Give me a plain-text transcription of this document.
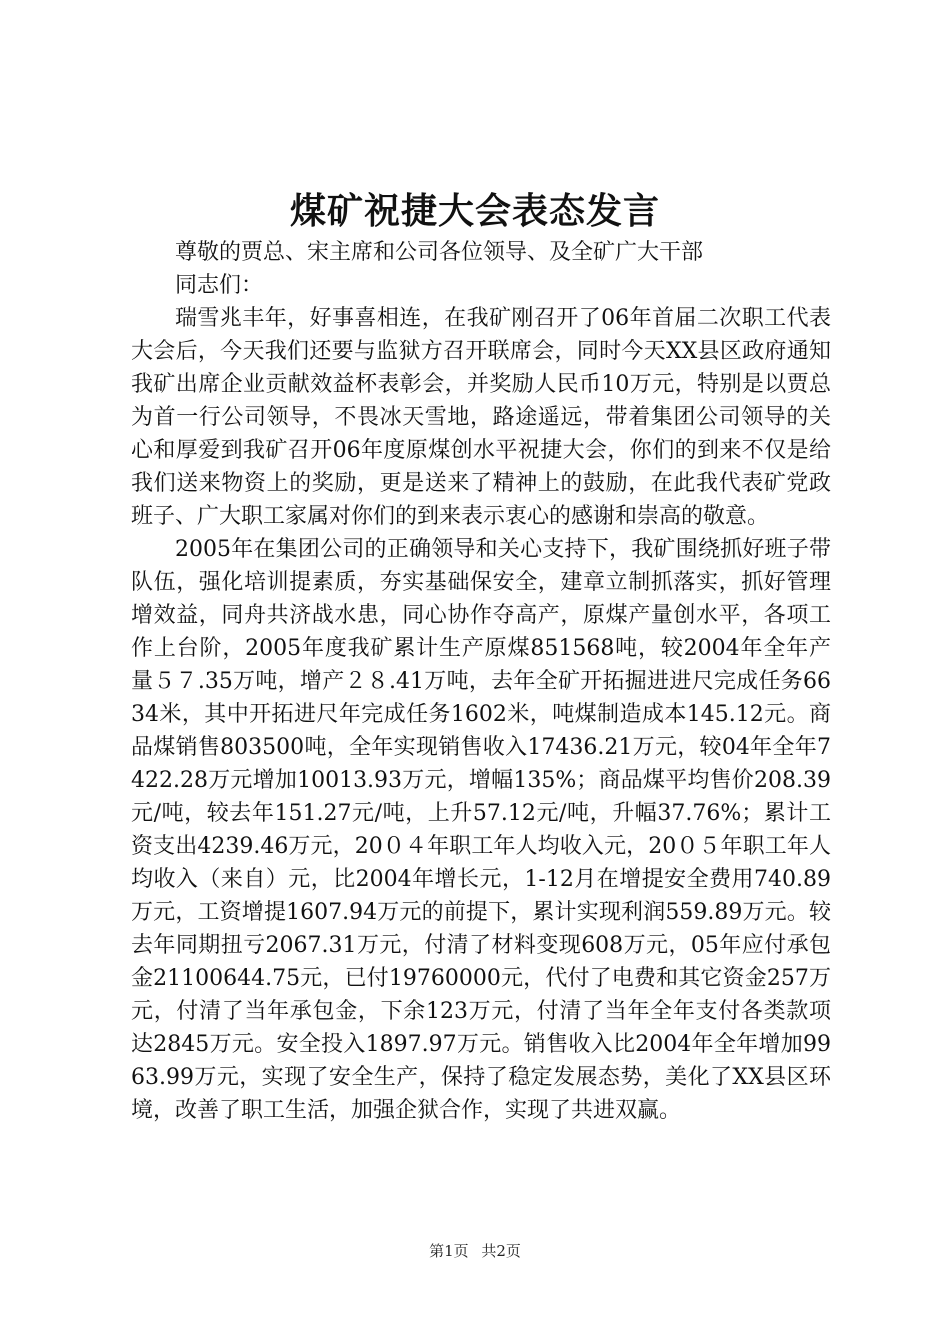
煤矿祝捷大会表态发言

尊敬的贾总、宋主席和公司各位领导、及全矿广大干部

同志们：

瑞雪兆丰年，好事喜相连，在我矿刚召开了06年首届二次职工代表大会后，今天我们还要与监狱方召开联席会，同时今天XX县区政府通知我矿出席企业贡献效益杯表彰会，并奖励人民币10万元，特别是以贾总为首一行公司领导，不畏冰天雪地，路途遥远，带着集团公司领导的关心和厚爱到我矿召开06年度原煤创水平祝捷大会，你们的到来不仅是给我们送来物资上的奖励，更是送来了精神上的鼓励，在此我代表矿党政班子、广大职工家属对你们的到来表示衷心的感谢和崇高的敬意。

2005年在集团公司的正确领导和关心支持下，我矿围绕抓好班子带队伍，强化培训提素质，夯实基础保安全，建章立制抓落实，抓好管理增效益，同舟共济战水患，同心协作夺高产，原煤产量创水平，各项工作上台阶，2005年度我矿累计生产原煤851568吨，较2004年全年产量５７.35万吨，增产２８.41万吨，去年全矿开拓掘进进尺完成任务6634米，其中开拓进尺年完成任务1602米，吨煤制造成本145.12元。商品煤销售803500吨，全年实现销售收入17436.21万元，较04年全年7422.28万元增加10013.93万元，增幅135%；商品煤平均售价208.39元/吨，较去年151.27元/吨，上升57.12元/吨，升幅37.76%；累计工资支出4239.46万元，20０４年职工年人均收入元，20０５年职工年人均收入（来自）元，比2004年增长元，1-12月在增提安全费用740.89万元，工资增提1607.94万元的前提下，累计实现利润559.89万元。较去年同期扭亏2067.31万元，付清了材料变现608万元，05年应付承包金21100644.75元，已付19760000元，代付了电费和其它资金257万元，付清了当年承包金，下余123万元，付清了当年全年支付各类款项达2845万元。安全投入1897.97万元。销售收入比2004年全年增加9963.99万元，实现了安全生产，保持了稳定发展态势，美化了XX县区环境，改善了职工生活，加强企狱合作，实现了共进双赢。

第1页 共2页
